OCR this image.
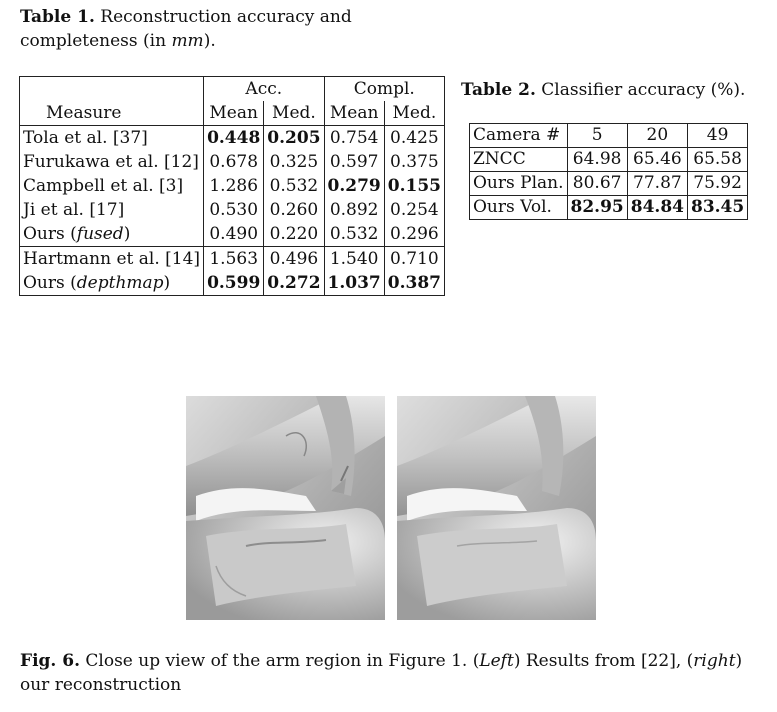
Table 1. Reconstruction accuracy and completeness (in mm).
Measure	Acc.		Compl.	
	Mean	Med.	Mean	Med.
Tola et al. [37]	0.448	0.205	0.754	0.425
Furukawa et al. [12]	0.678	0.325	0.597	0.375
Campbell et al. [3]	1.286	0.532	0.279	0.155
Ji et al. [17]	0.530	0.260	0.892	0.254
Ours (fused)	0.490	0.220	0.532	0.296
Hartmann et al. [14]	1.563	0.496	1.540	0.710
Ours (depthmap)	0.599	0.272	1.037	0.387
Table 2. Classifier accuracy (%).
Camera #	5	20	49
ZNCC	64.98	65.46	65.58
Ours Plan.	80.67	77.87	75.92
Ours Vol.	82.95	84.84	83.45
Fig. 6. Close up view of the arm region in Figure 1. (Left) Results from [22], (right) our reconstruction
